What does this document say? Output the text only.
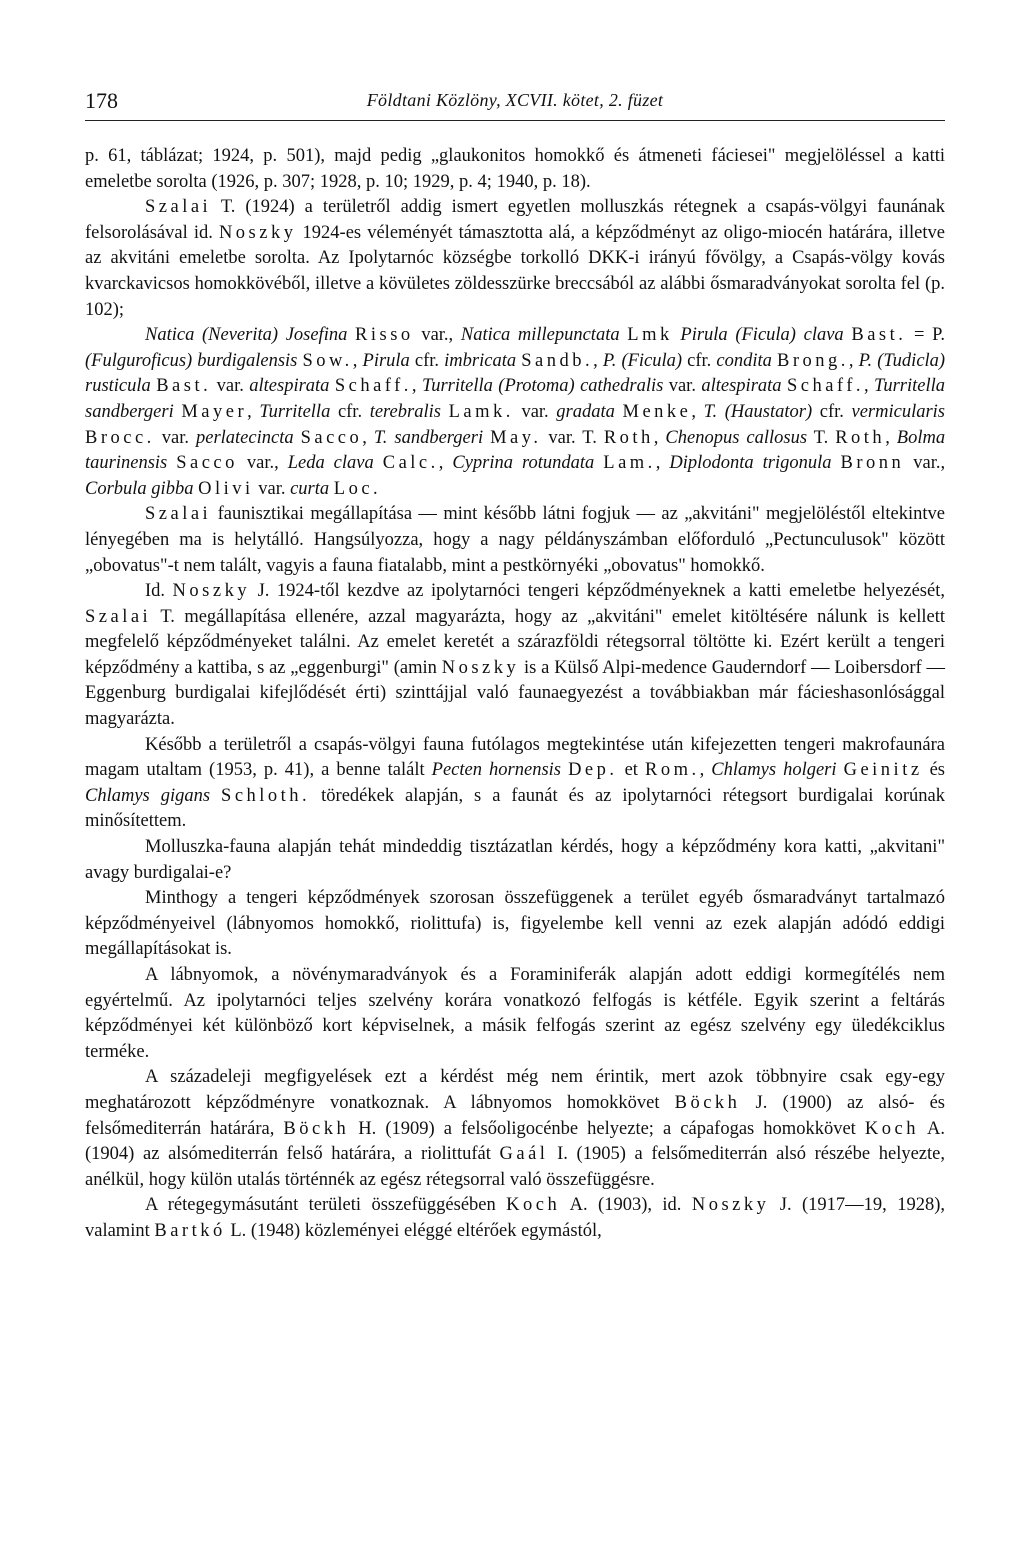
178	Földtani Közlöny, XCVII. kötet, 2. füzet

p. 61, táblázat; 1924, p. 501), majd pedig „glaukonitos homokkő és átmeneti fáciesei" megjelöléssel a katti emeletbe sorolta (1926, p. 307; 1928, p. 10; 1929, p. 4; 1940, p. 18).

Szalai T. (1924) a területről addig ismert egyetlen molluszkás rétegnek a csapás-völgyi faunának felsorolásával id. Noszky 1924-es véleményét támasztotta alá, a képződményt az oligo-miocén határára, illetve az akvitáni emeletbe sorolta. Az Ipolytarnóc községbe torkolló DKK-i irányú fővölgy, a Csapás-völgy kovás kvarckavicsos homokkövéből, illetve a kövületes zöldesszürke breccsából az alábbi ősmaradványokat sorolta fel (p. 102);

Natica (Neverita) Josefina Risso var., Natica millepunctata Lmk Pirula (Ficula) clava Bast. = P. (Fulguroficus) burdigalensis Sow., Pirula cfr. imbricata Sandb., P. (Ficula) cfr. condita Brong., P. (Tudicla) rusticula Bast. var. altespirata Schaff., Turritella (Protoma) cathedralis var. altespirata Schaff., Turritella sandbergeri Mayer, Turritella cfr. terebralis Lamk. var. gradata Menke, T. (Haustator) cfr. vermicularis Brocc. var. perlatecincta Sacco, T. sandbergeri May. var. T. Roth, Chenopus callosus T. Roth, Bolma taurinensis Sacco var., Leda clava Calc., Cyprina rotundata Lam., Diplodonta trigonula Bronn var., Corbula gibba Olivi var. curta Loc.

Szalai faunisztikai megállapítása — mint később látni fogjuk — az „akvitáni" megjelöléstől eltekintve lényegében ma is helytálló. Hangsúlyozza, hogy a nagy példányszámban előforduló „Pectunculusok" között „obovatus"-t nem talált, vagyis a fauna fiatalabb, mint a pestkörnyéki „obovatus" homokkő.

Id. Noszky J. 1924-től kezdve az ipolytarnóci tengeri képződményeknek a katti emeletbe helyezését, Szalai T. megállapítása ellenére, azzal magyarázta, hogy az „akvitáni" emelet kitöltésére nálunk is kellett megfelelő képződményeket találni. Az emelet keretét a szárazföldi rétegsorral töltötte ki. Ezért került a tengeri képződmény a kattiba, s az „eggenburgi" (amin Noszky is a Külső Alpi-medence Gauderndorf — Loibersdorf — Eggenburg burdigalai kifejlődését érti) szinttájjal való faunaegyezést a továbbiakban már fácieshasonlósággal magyarázta.

Később a területről a csapás-völgyi fauna futólagos megtekintése után kifejezetten tengeri makrofaunára magam utaltam (1953, p. 41), a benne talált Pecten hornensis Dep. et Rom., Chlamys holgeri Geinitz és Chlamys gigans Schloth. töredékek alapján, s a faunát és az ipolytarnóci rétegsort burdigalai korúnak minősítettem.

Molluszka-fauna alapján tehát mindeddig tisztázatlan kérdés, hogy a képződmény kora katti, „akvitani" avagy burdigalai-e?

Minthogy a tengeri képződmények szorosan összefüggenek a terület egyéb ősmaradványt tartalmazó képződményeivel (lábnyomos homokkő, riolittufa) is, figyelembe kell venni az ezek alapján adódó eddigi megállapításokat is.

A lábnyomok, a növénymaradványok és a Foraminiferák alapján adott eddigi kormegítélés nem egyértelmű. Az ipolytarnóci teljes szelvény korára vonatkozó felfogás is kétféle. Egyik szerint a feltárás képződményei két különböző kort képviselnek, a másik felfogás szerint az egész szelvény egy üledékciklus terméke.

A századeleji megfigyelések ezt a kérdést még nem érintik, mert azok többnyire csak egy-egy meghatározott képződményre vonatkoznak. A lábnyomos homokkövet Böckh J. (1900) az alsó- és felsőmediterrán határára, Böckh H. (1909) a felsőoligocénbe helyezte; a cápafogas homokkövet Koch A. (1904) az alsómediterrán felső határára, a riolittufát Gaál I. (1905) a felsőmediterrán alsó részébe helyezte, anélkül, hogy külön utalás történnék az egész rétegsorral való összefüggésre.

A rétegegymásutánt területi összefüggésében Koch A. (1903), id. Noszky J. (1917—19, 1928), valamint Bartkó L. (1948) közleményei eléggé eltérőek egymástól,
